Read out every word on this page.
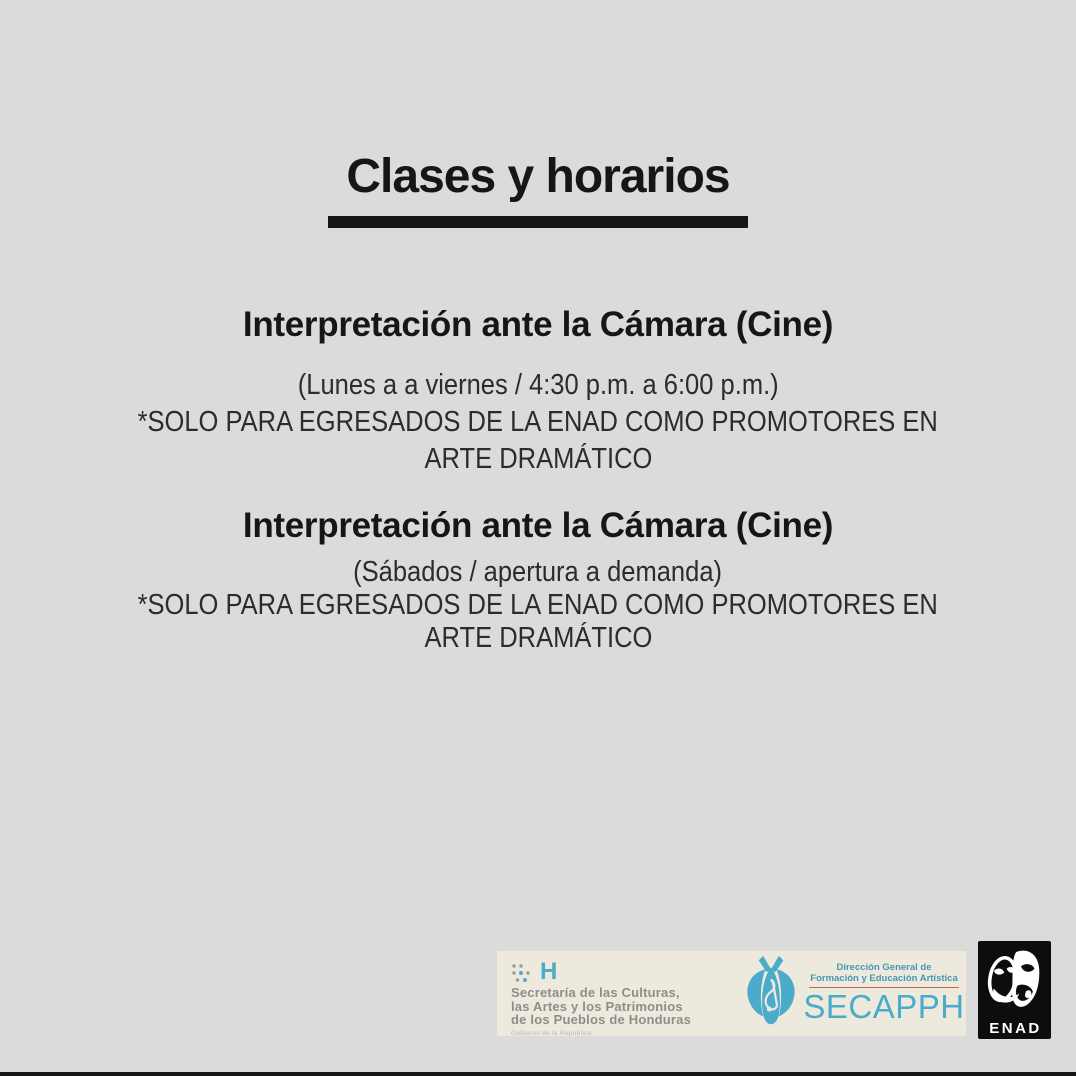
Clases y horarios
Interpretación ante la Cámara (Cine)
(Lunes a a viernes / 4:30 p.m. a 6:00 p.m.)
*SOLO PARA EGRESADOS DE LA ENAD COMO PROMOTORES EN
ARTE DRAMÁTICO
Interpretación ante la Cámara (Cine)
(Sábados / apertura a demanda)
*SOLO PARA EGRESADOS DE LA ENAD COMO PROMOTORES EN
ARTE DRAMÁTICO
H
Secretaría de las Culturas,
las Artes y los Patrimonios
de los Pueblos de Honduras
Gobierno de la República
Dirección General de
Formación y Educación Artística
SECAPPH
ENAD
